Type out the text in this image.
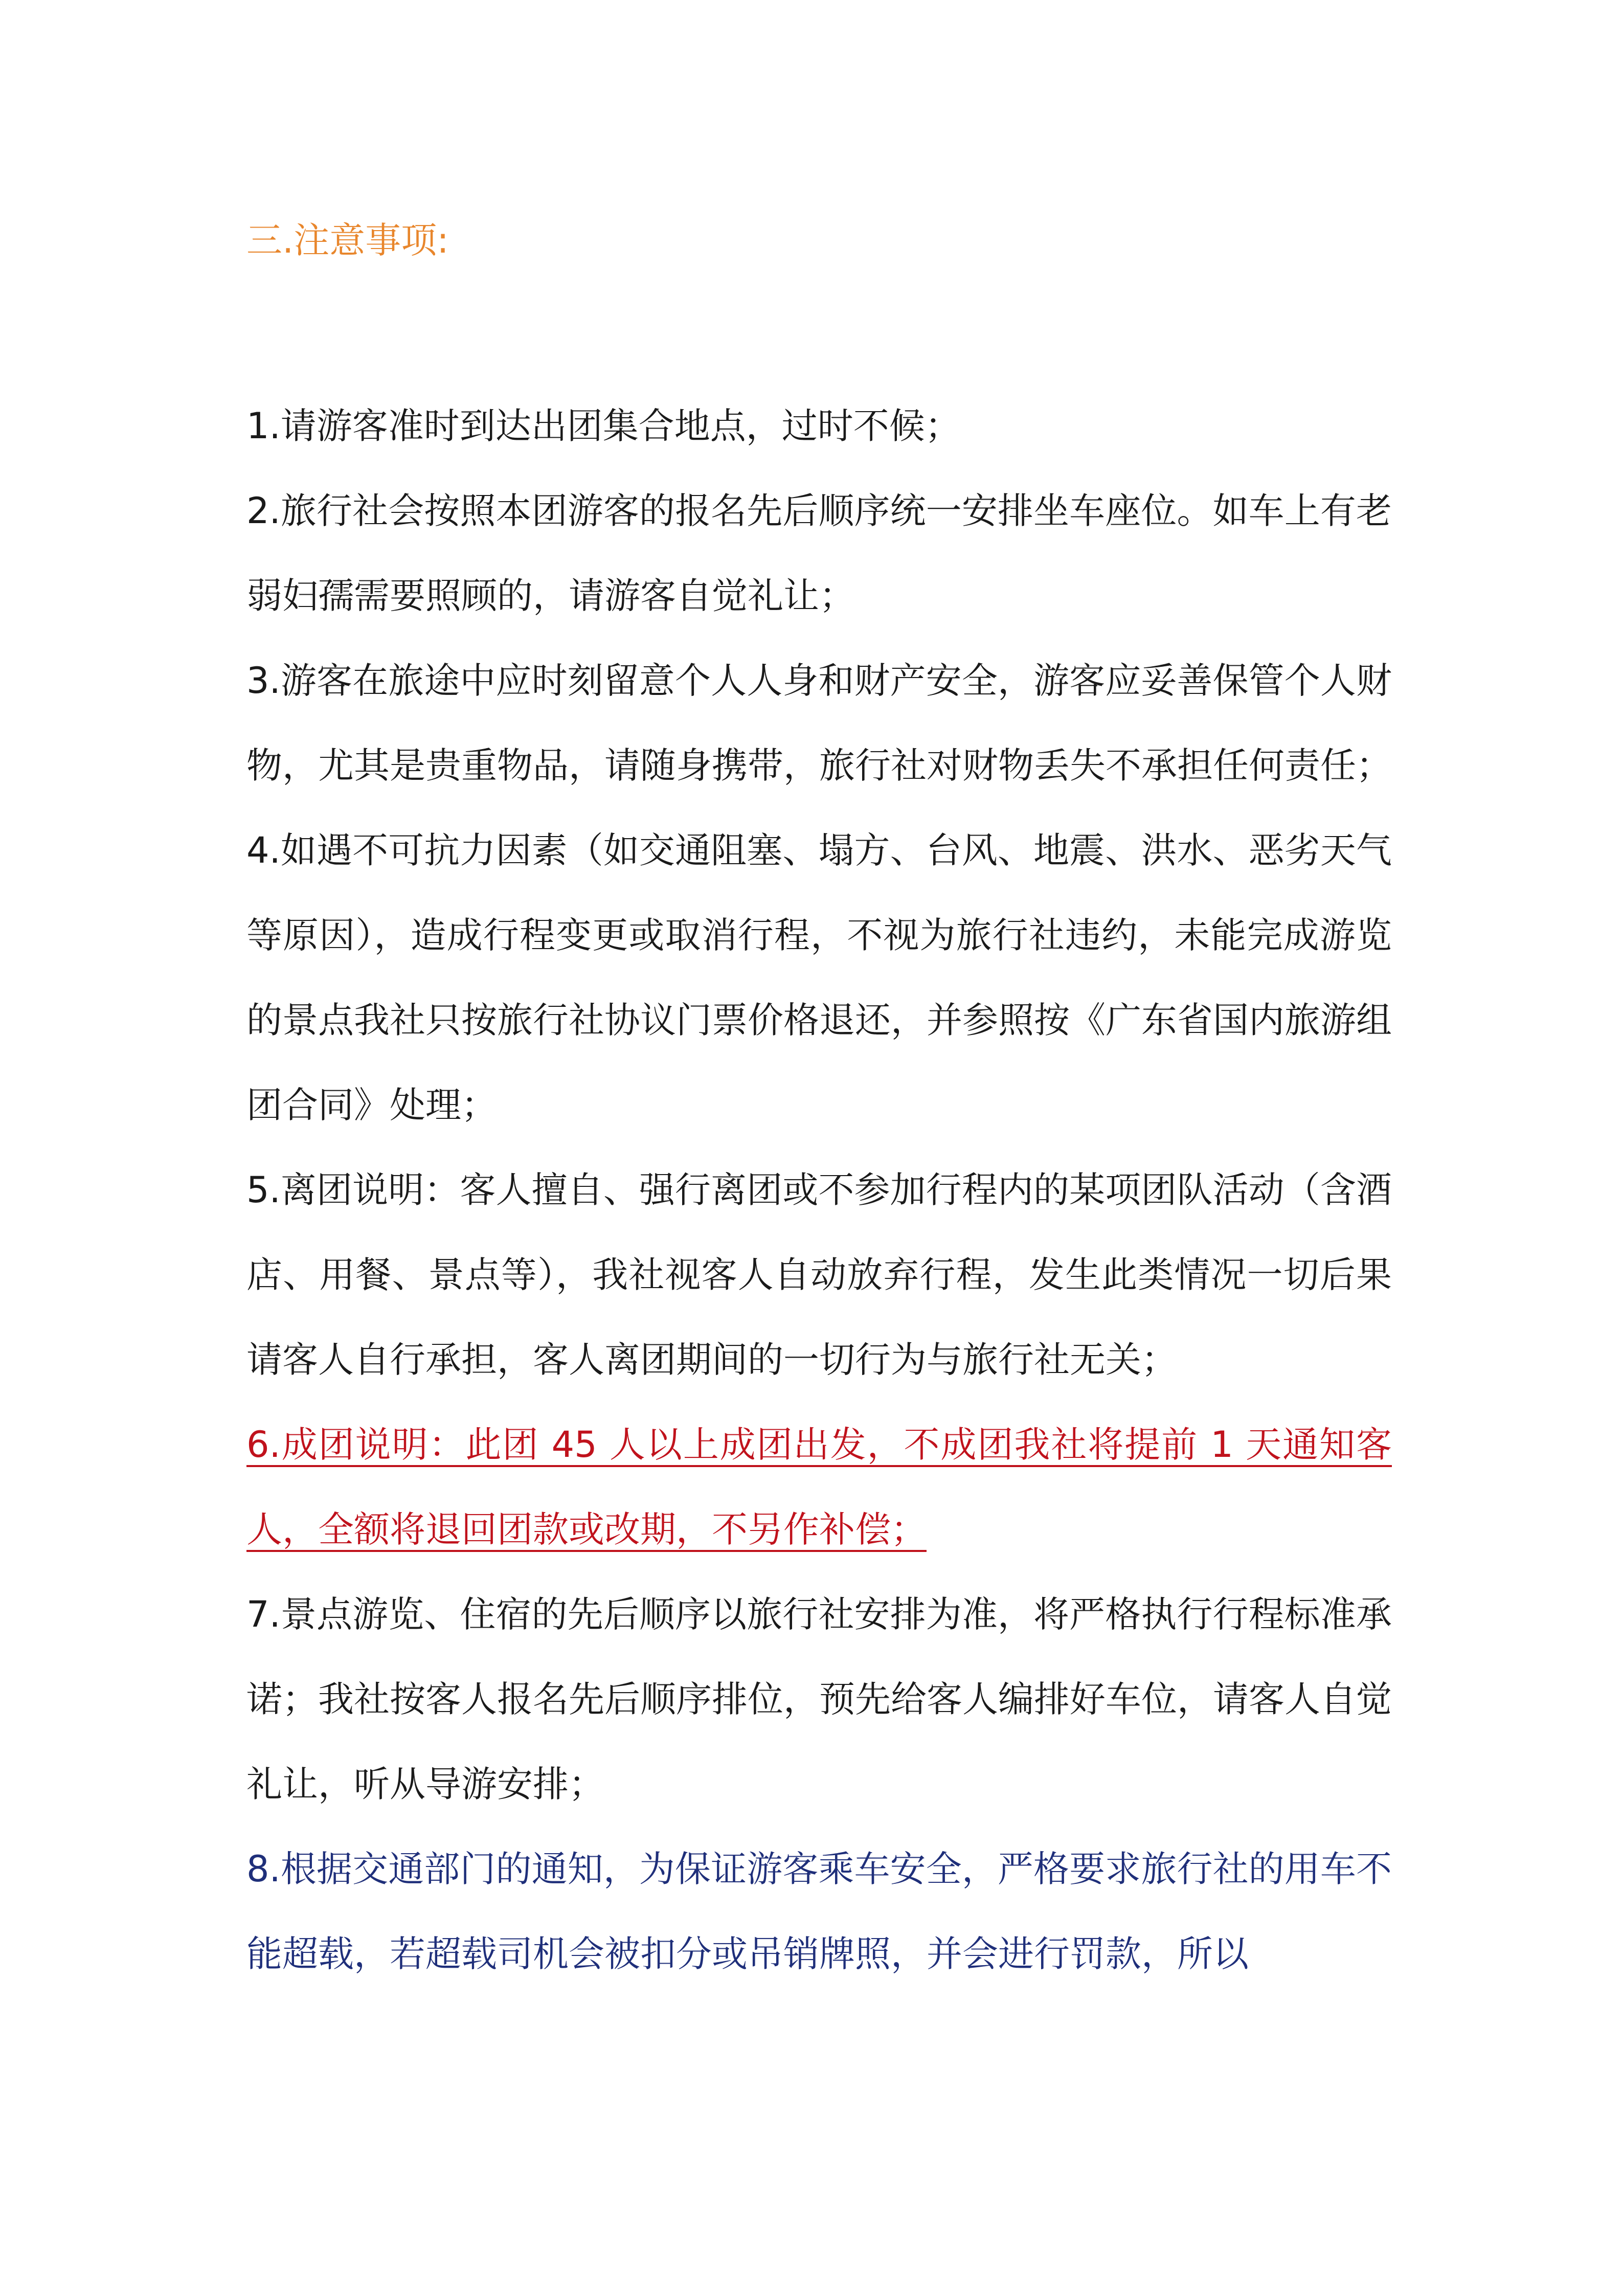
三.注意事项:

1.请游客准时到达出团集合地点，过时不候；

2.旅行社会按照本团游客的报名先后顺序统一安排坐车座位。如车上有老弱妇孺需要照顾的，请游客自觉礼让；

3.游客在旅途中应时刻留意个人人身和财产安全，游客应妥善保管个人财物，尤其是贵重物品，请随身携带，旅行社对财物丢失不承担任何责任；

4.如遇不可抗力因素（如交通阻塞、塌方、台风、地震、洪水、恶劣天气等原因），造成行程变更或取消行程，不视为旅行社违约，未能完成游览的景点我社只按旅行社协议门票价格退还，并参照按《广东省国内旅游组团合同》处理；

5.离团说明：客人擅自、强行离团或不参加行程内的某项团队活动（含酒店、用餐、景点等），我社视客人自动放弃行程，发生此类情况一切后果请客人自行承担，客人离团期间的一切行为与旅行社无关；

6.成团说明：此团 45 人以上成团出发，不成团我社将提前 1 天通知客人，全额将退回团款或改期，不另作补偿；

7.景点游览、住宿的先后顺序以旅行社安排为准，将严格执行行程标准承诺；我社按客人报名先后顺序排位，预先给客人编排好车位，请客人自觉礼让，听从导游安排；

8.根据交通部门的通知，为保证游客乘车安全，严格要求旅行社的用车不能超载，若超载司机会被扣分或吊销牌照，并会进行罚款，所以
